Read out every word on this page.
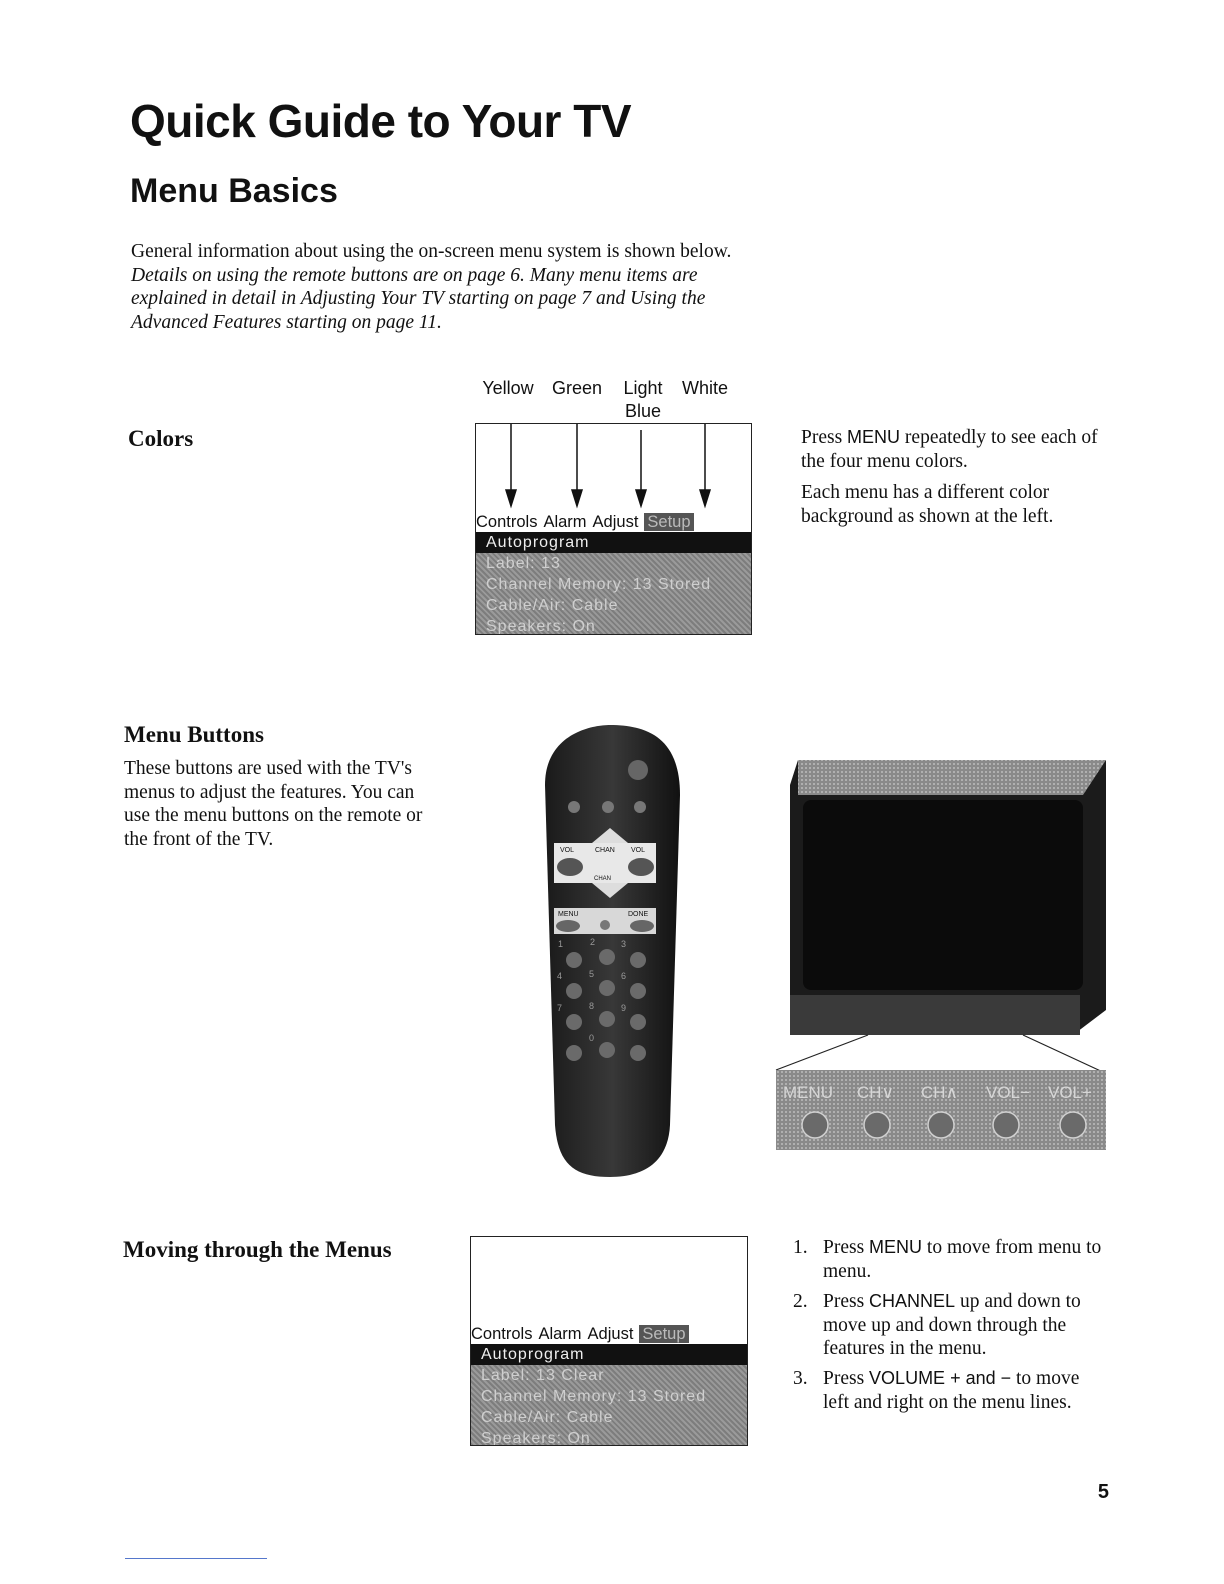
Quick Guide to Your TV
Menu Basics
General information about using the on-screen menu system is shown below. Details on using the remote buttons are on page 6. Many menu items are explained in detail in Adjusting Your TV starting on page 7 and Using the Advanced Features starting on page 11.
Colors
Yellow	Green	Light Blue
White
Controls Alarm Adjust Setup
Autoprogram
Label: 13
Channel Memory: 13 Stored
Cable/Air: Cable
Speakers: On
Press MENU repeatedly to see each of the four menu colors.
Each menu has a different color background as shown at the left.
Menu Buttons
These buttons are used with the TV's menus to adjust the features. You can use the menu buttons on the remote or the front of the TV.
VOL	CHAN VOL
CHAN
MENU	DONE
1	2	3
4	5	6
7	8	9
0
MENU CH∨ CH∧ VOL− VOL+
Moving through the Menus
Controls Alarm Adjust Setup
Autoprogram
Label: 13 Clear
Channel Memory: 13 Stored
Cable/Air: Cable
Speakers: On
1. Press MENU to move from menu to menu.
2. Press CHANNEL up and down to move up and down through the features in the menu.
3. Press VOLUME + and − to move left and right on the menu lines.
5
